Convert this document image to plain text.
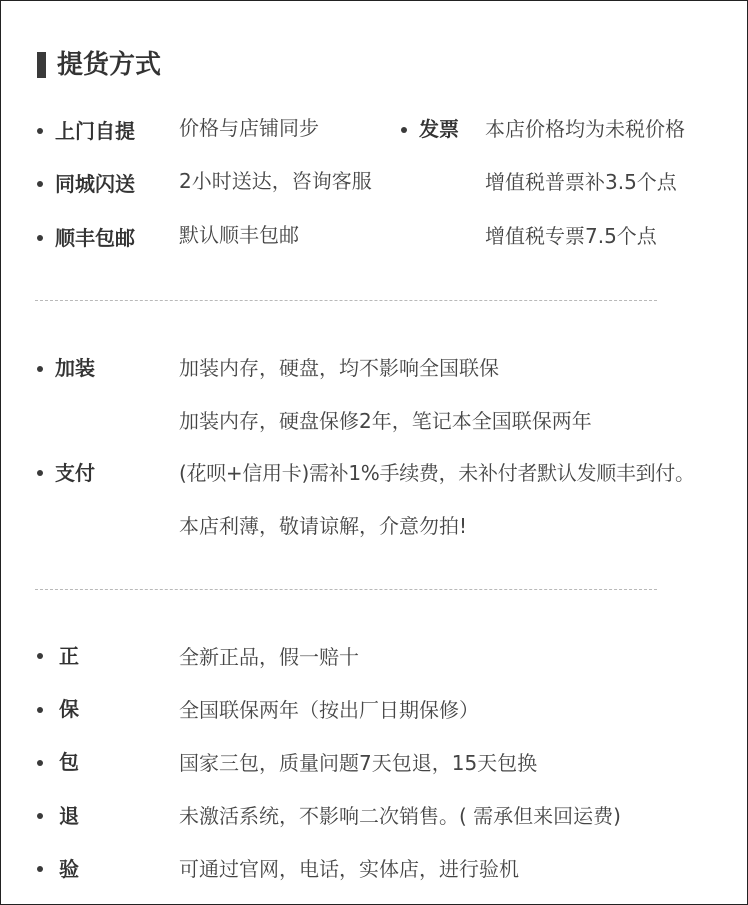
提货方式
上门自提 价格与店铺同步
同城闪送 2小时送达，咨询客服
顺丰包邮 默认顺丰包邮
发票 本店价格均为未税价格
增值税普票补3.5个点
增值税专票7.5个点
加装	加装内存，硬盘，均不影响全国联保
加装内存，硬盘保修2年，笔记本全国联保两年
支付	(花呗+信用卡)需补1%手续费，未补付者默认发顺丰到付。
本店利薄，敬请谅解，介意勿拍!
正	全新正品，假一赔十
保	全国联保两年（按出厂日期保修）
包	国家三包，质量问题7天包退，15天包换
退	未激活系统，不影响二次销售。( 需承但来回运费)
验	可通过官网，电话，实体店，进行验机
